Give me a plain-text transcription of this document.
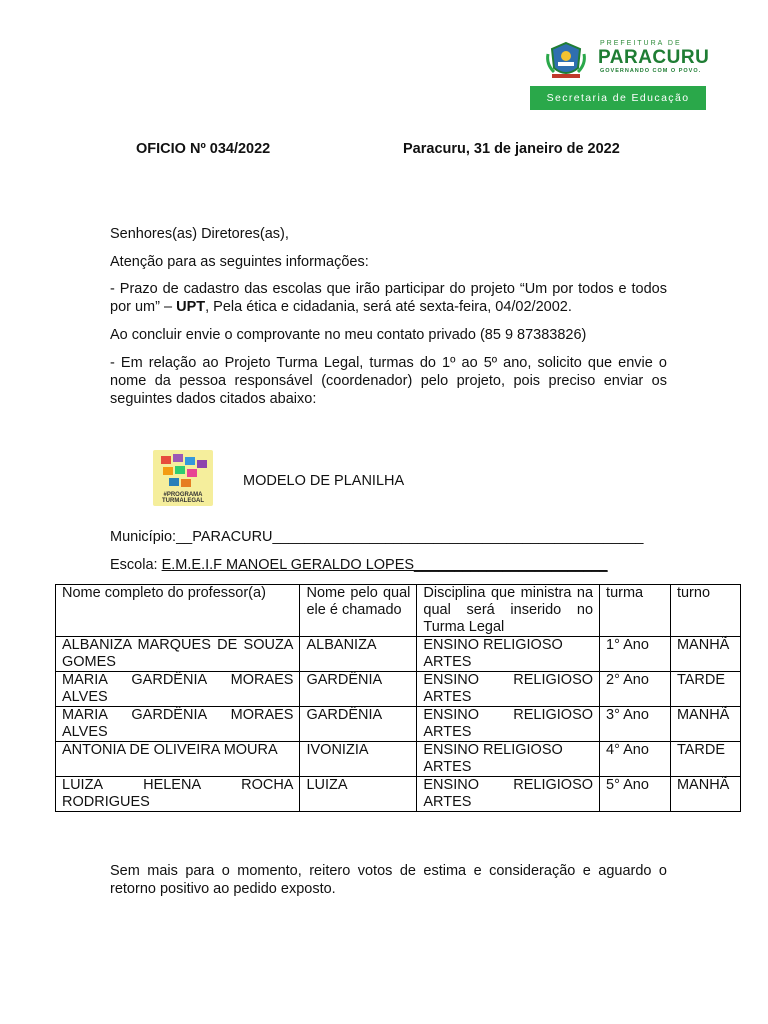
PREFEITURA DE
PARACURU
GOVERNANDO COM O POVO.
Secretaria de Educação
OFICIO Nº 034/2022	Paracuru, 31 de janeiro de 2022
Senhores(as) Diretores(as),
Atenção para as seguintes informações:
- Prazo de cadastro das escolas que irão participar do projeto “Um por todos e todos por um” – UPT, Pela ética e cidadania, será até sexta-feira, 04/02/2002.
Ao concluir envie o comprovante no meu contato privado (85 9 87383826)
- Em relação ao Projeto Turma Legal, turmas do 1º ao 5º ano, solicito que envie o nome da pessoa responsável (coordenador) pelo projeto, pois preciso enviar os seguintes dados citados abaixo:
#PROGRAMA
TURMALEGAL
MODELO DE PLANILHA
Município:__PARACURU______________________________________________
Escola: E.M.E.I.F MANOEL GERALDO LOPES________________________
Nome completo do professor(a)	Nome pelo qual ele é chamado	Disciplina que ministra na qual será inserido no Turma Legal	turma	turno
ALBANIZA MARQUES DE SOUZA GOMES	ALBANIZA	ENSINO RELIGIOSO ARTES	1° Ano	MANHÃ
MARIA GARDÊNIA MORAES ALVES	GARDÊNIA	ENSINO RELIGIOSO ARTES	2° Ano	TARDE
MARIA GARDÊNIA MORAES ALVES	GARDÊNIA	ENSINO RELIGIOSO ARTES	3° Ano	MANHÃ
ANTONIA DE OLIVEIRA MOURA	IVONIZIA	ENSINO RELIGIOSO ARTES	4° Ano	TARDE
LUIZA HELENA ROCHA RODRIGUES	LUIZA	ENSINO RELIGIOSO ARTES	5° Ano	MANHÃ
Sem mais para o momento, reitero votos de estima e consideração e aguardo o retorno positivo ao pedido exposto.
